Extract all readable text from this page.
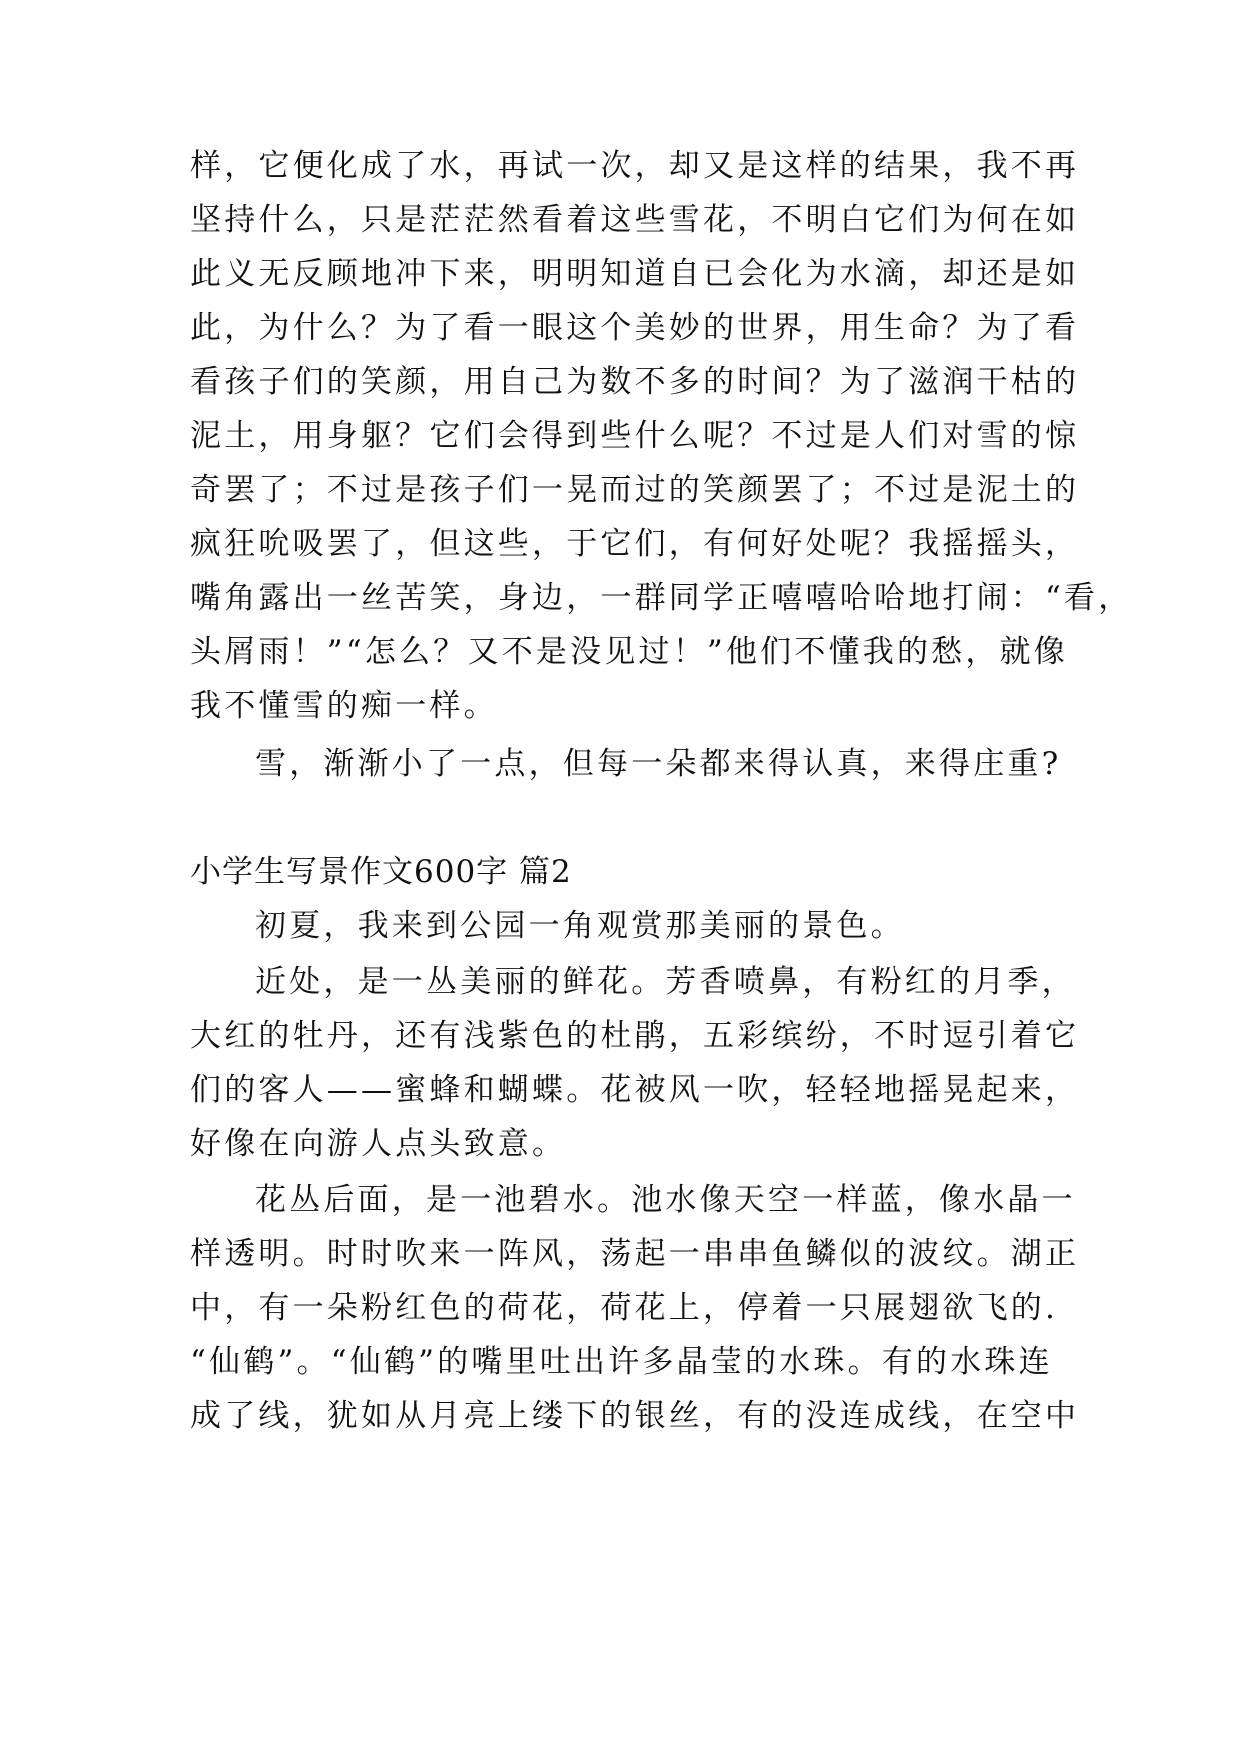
样，它便化成了水，再试一次，却又是这样的结果，我不再
坚持什么，只是茫茫然看着这些雪花，不明白它们为何在如
此义无反顾地冲下来，明明知道自已会化为水滴，却还是如
此，为什么？为了看一眼这个美妙的世界，用生命？为了看
看孩子们的笑颜，用自己为数不多的时间？为了滋润干枯的
泥土，用身躯？它们会得到些什么呢？不过是人们对雪的惊
奇罢了；不过是孩子们一晃而过的笑颜罢了；不过是泥土的
疯狂吮吸罢了，但这些，于它们，有何好处呢？我摇摇头，
嘴角露出一丝苦笑，身边，一群同学正嘻嘻哈哈地打闹：“看，
头屑雨！”“怎么？又不是没见过！”他们不懂我的愁，就像
我不懂雪的痴一样。
雪，渐渐小了一点，但每一朵都来得认真，来得庄重?
小学生写景作文600字 篇2
初夏，我来到公园一角观赏那美丽的景色。
近处，是一丛美丽的鲜花。芳香喷鼻，有粉红的月季，
大红的牡丹，还有浅紫色的杜鹃，五彩缤纷，不时逗引着它
们的客人——蜜蜂和蝴蝶。花被风一吹，轻轻地摇晃起来，
好像在向游人点头致意。
花丛后面，是一池碧水。池水像天空一样蓝，像水晶一
样透明。时时吹来一阵风，荡起一串串鱼鳞似的波纹。湖正
中，有一朵粉红色的荷花，荷花上，停着一只展翅欲飞的.
“仙鹤”。“仙鹤”的嘴里吐出许多晶莹的水珠。有的水珠连
成了线，犹如从月亮上缕下的银丝，有的没连成线，在空中
